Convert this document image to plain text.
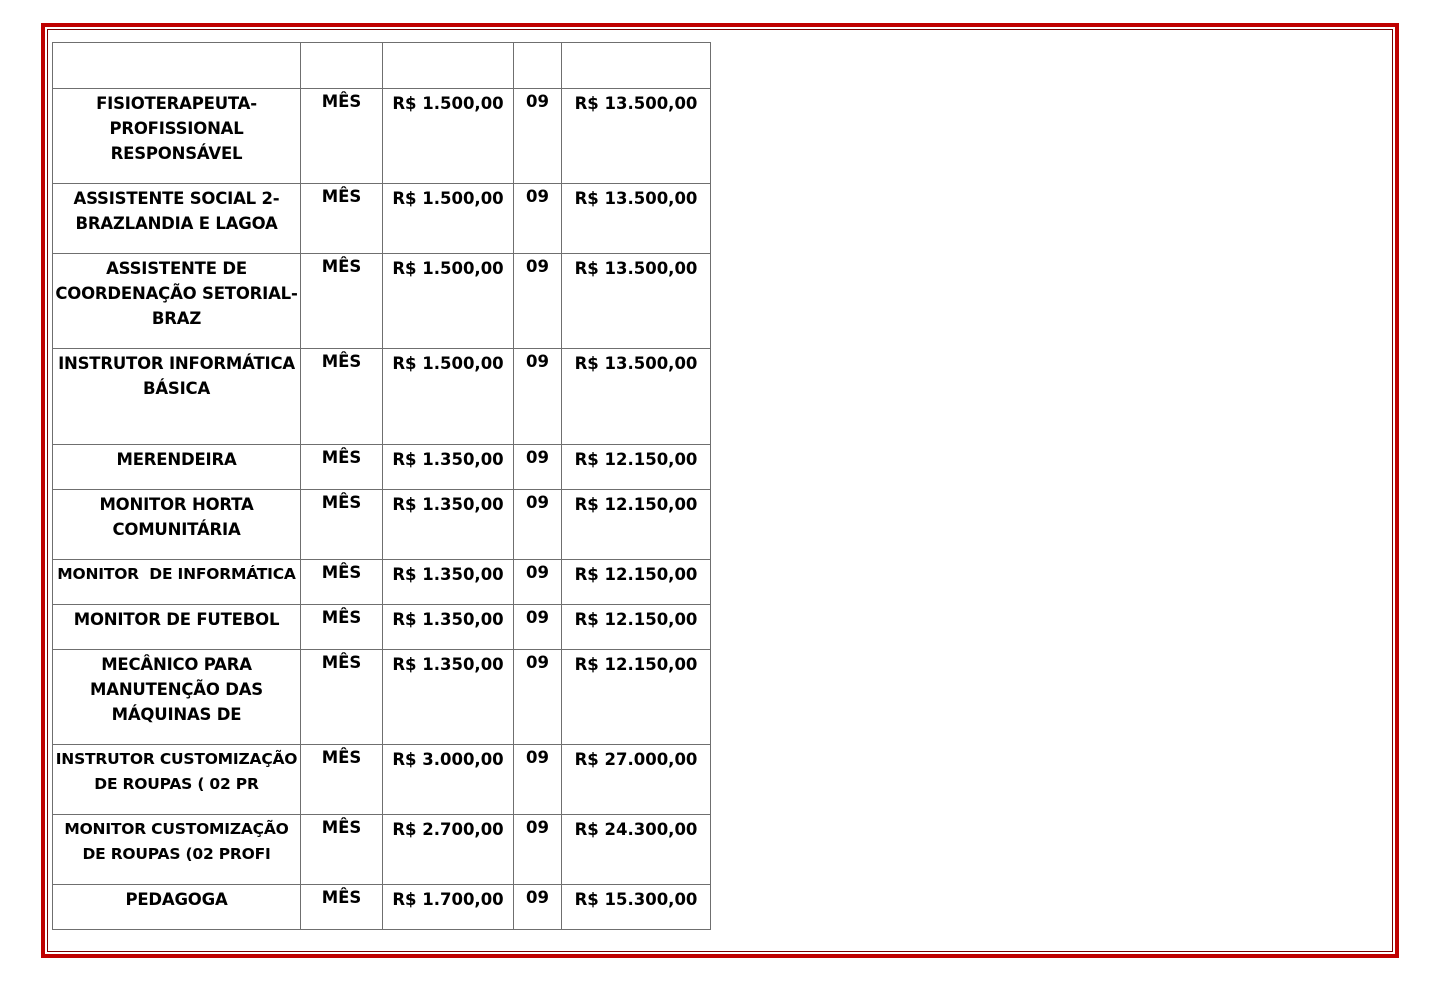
FISIOTERAPEUTA-PROFISSIONAL RESPONSÁVEL	MÊS	R$ 1.500,00	09	R$ 13.500,00
ASSISTENTE SOCIAL 2-BRAZLANDIA E LAGOA	MÊS	R$ 1.500,00	09	R$ 13.500,00
ASSISTENTE DE COORDENAÇÃO SETORIAL-BRAZ	MÊS	R$ 1.500,00	09	R$ 13.500,00
INSTRUTOR INFORMÁTICA BÁSICA	MÊS	R$ 1.500,00	09	R$ 13.500,00
MERENDEIRA	MÊS	R$ 1.350,00	09	R$ 12.150,00
MONITOR HORTA COMUNITÁRIA	MÊS	R$ 1.350,00	09	R$ 12.150,00
MONITOR  DE INFORMÁTICA	MÊS	R$ 1.350,00	09	R$ 12.150,00
MONITOR DE FUTEBOL	MÊS	R$ 1.350,00	09	R$ 12.150,00
MECÂNICO PARA MANUTENÇÃO DAS MÁQUINAS DE	MÊS	R$ 1.350,00	09	R$ 12.150,00
INSTRUTOR CUSTOMIZAÇÃO DE ROUPAS ( 02 PR	MÊS	R$ 3.000,00	09	R$ 27.000,00
MONITOR CUSTOMIZAÇÃO DE ROUPAS (02 PROFI	MÊS	R$ 2.700,00	09	R$ 24.300,00
PEDAGOGA	MÊS	R$ 1.700,00	09	R$ 15.300,00
